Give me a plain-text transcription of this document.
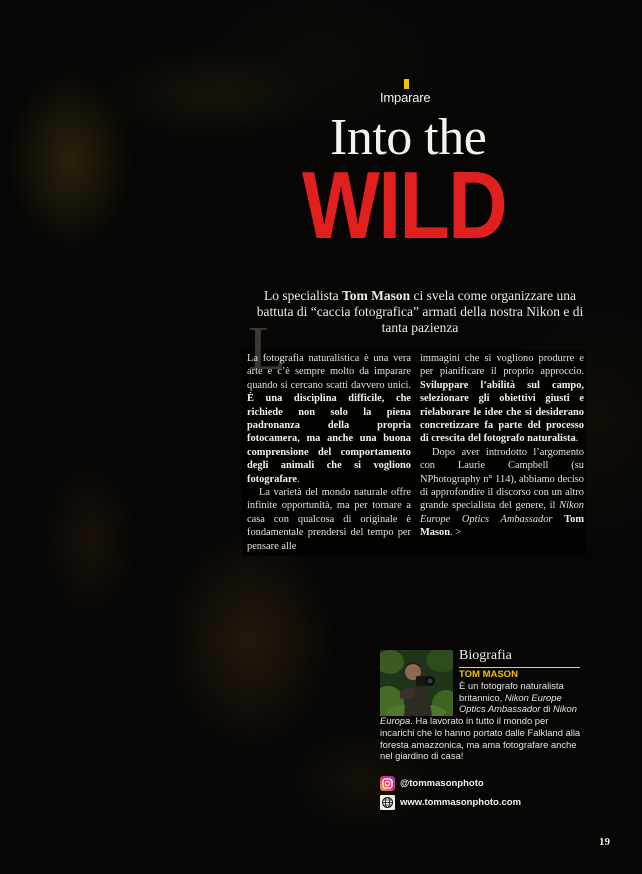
Imparare
Into the
WILD
Lo specialista Tom Mason ci svela come organizzare una battuta di “caccia fotografica” armati della nostra Nikon e di tanta pazienza
L

La fotografia naturalistica è una vera arte e c’è sempre molto da imparare quando si cercano scatti davvero unici. È una disciplina difficile, che richiede non solo la piena padronanza della propria fotocamera, ma anche una buona comprensione del comportamento degli animali che si vogliono fotografare.

La varietà del mondo naturale offre infinite opportunità, ma per tornare a casa con qualcosa di originale è fondamentale prendersi del tempo per pensare alle

immagini che si vogliono produrre e per pianificare il proprio approccio. Sviluppare l’abilità sul campo, selezionare gli obiettivi giusti e rielaborare le idee che si desiderano concretizzare fa parte del processo di crescita del fotografo naturalista.

Dopo aver introdotto l’argomento con Laurie Campbell (su NPhotography n° 114), abbiamo deciso di approfondire il discorso con un altro grande specialista del genere, il Nikon Europe Optics Ambassador Tom Mason. >

Biografia
TOM MASON
È un fotografo naturalista britannico, Nikon Europe Optics Ambassador di Nikon Europa. Ha lavorato in tutto il mondo per incarichi che lo hanno portato dalle Falkland alla foresta amazzonica, ma ama fotografare anche nel giardino di casa!
@tommasonphoto
www.tommasonphoto.com
19
